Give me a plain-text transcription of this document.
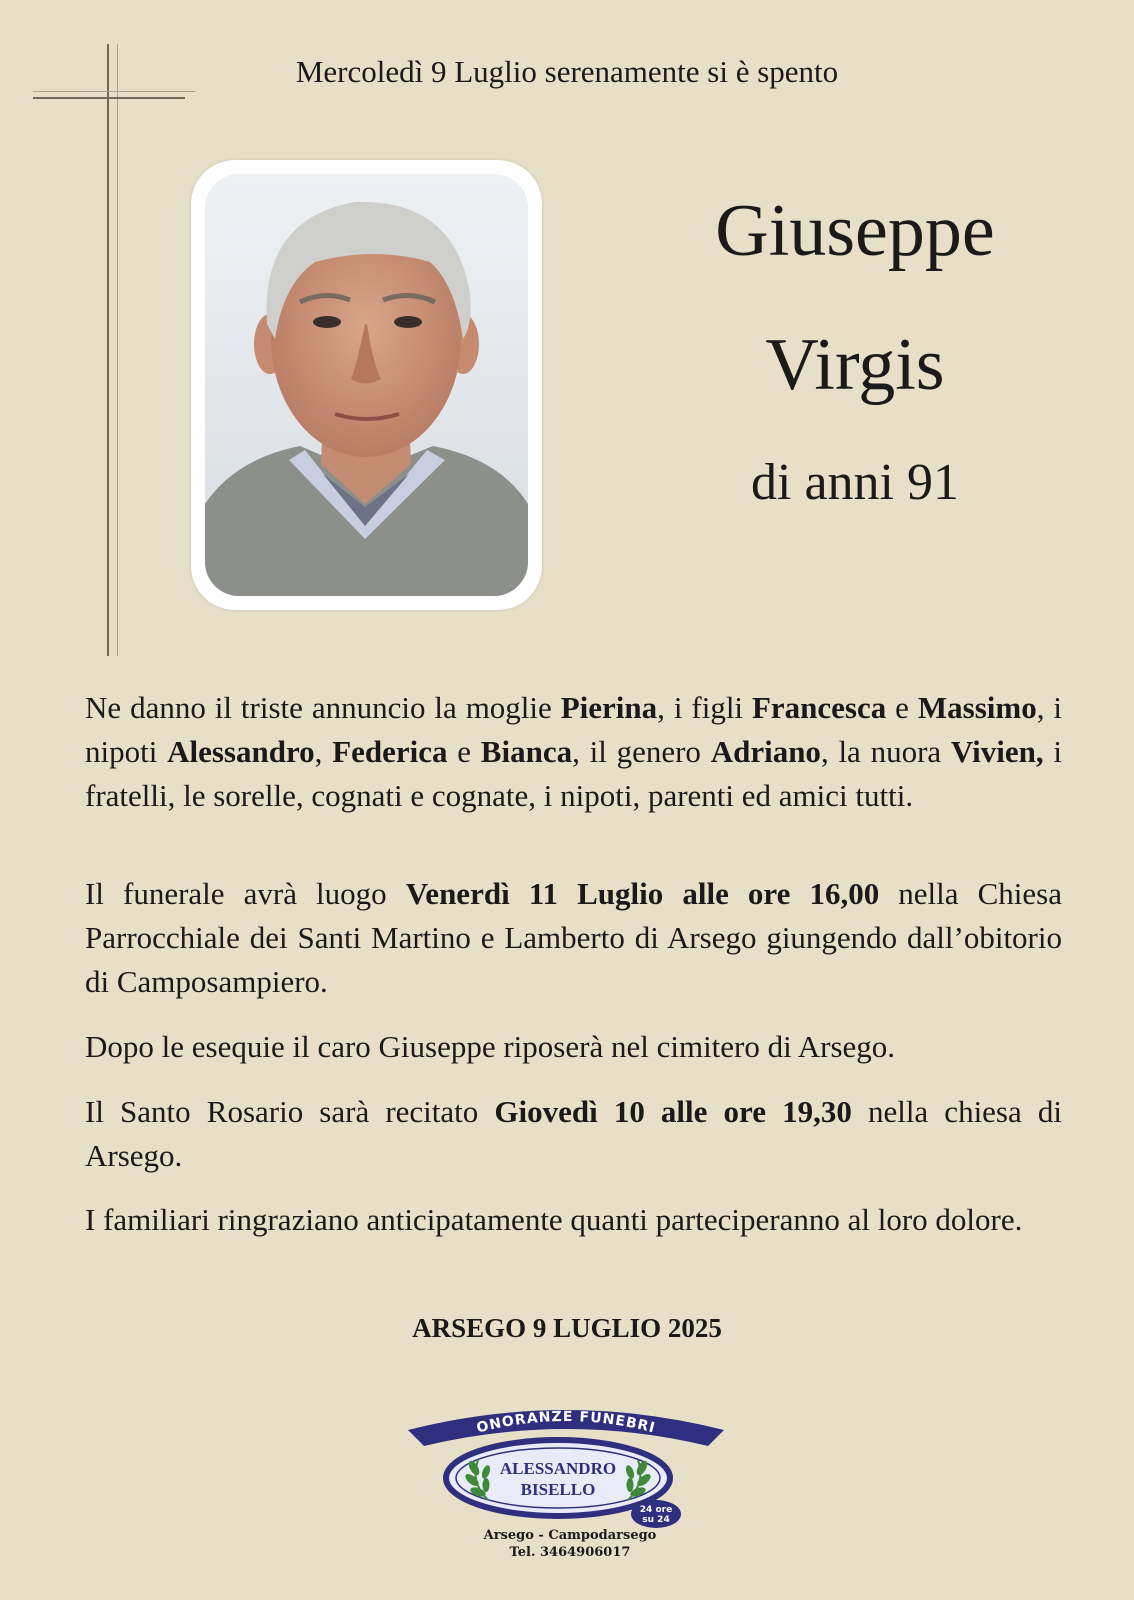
Mercoledì 9 Luglio serenamente si è spento
Giuseppe
Virgis
di anni 91

Ne danno il triste annuncio la moglie Pierina, i figli Francesca e Massimo, i nipoti Alessandro, Federica e Bianca, il genero Adriano, la nuora Vivien, i fratelli, le sorelle, cognati e cognate, i nipoti, parenti ed amici tutti.

Il funerale avrà luogo Venerdì 11 Luglio alle ore 16,00 nella Chiesa Parrocchiale dei Santi Martino e Lamberto di Arsego giungendo dall’obitorio di Camposampiero.

Dopo le esequie il caro Giuseppe riposerà nel cimitero di Arsego.

Il Santo Rosario sarà recitato Giovedì 10 alle ore 19,30 nella chiesa di Arsego.

I familiari ringraziano anticipatamente quanti parteciperanno al loro dolore.

ARSEGO 9 LUGLIO 2025
ONORANZE FUNEBRI
ALESSANDRO
BISELLO
24 ore
su 24
Arsego - Campodarsego
Tel. 3464906017
